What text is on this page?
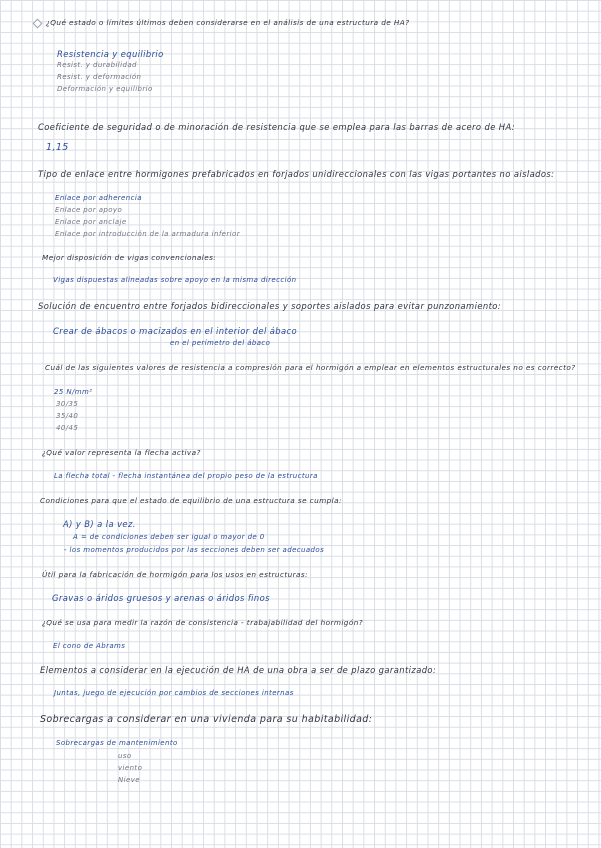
¿Qué estado o límites últimos deben considerarse en el análisis de una estructura de HA?
Resistencia y equilibrio
Resist. y durabilidad
Resist. y deformación
Deformación y equilibrio
Coeficiente de seguridad o de minoración de resistencia que se emplea para las barras de acero de HA:
1,15
Tipo de enlace entre hormigones prefabricados en forjados unidireccionales con las vigas portantes no aislados:
Enlace por adherencia
Enlace por apoyo
Enlace por anclaje
Enlace por introducción de la armadura inferior
Mejor disposición de vigas convencionales:
Vigas dispuestas alineadas sobre apoyo en la misma dirección
Solución de encuentro entre forjados bidireccionales y soportes aislados para evitar punzonamiento:
Crear de ábacos o macizados en el interior del ábaco
en el perímetro del ábaco
Cuál de las siguientes valores de resistencia a compresión para el hormigón a emplear en elementos estructurales no es correcto?
25 N/mm²
30/35
35/40
40/45
¿Qué valor representa la flecha activa?
La flecha total - flecha instantánea del propio peso de la estructura
Condiciones para que el estado de equilibrio de una estructura se cumpla:
A) y B) a la vez.
A = de condiciones deben ser igual o mayor de 0
- los momentos producidos por las secciones deben ser adecuados
Útil para la fabricación de hormigón para los usos en estructuras:
Gravas o áridos gruesos y arenas o áridos finos
¿Qué se usa para medir la razón de consistencia - trabajabilidad del hormigón?
El cono de Abrams
Elementos a considerar en la ejecución de HA de una obra a ser de plazo garantizado:
Juntas, juego de ejecución por cambios de secciones internas
Sobrecargas a considerar en una vivienda para su habitabilidad:
Sobrecargas de mantenimiento
uso
viento
Nieve
